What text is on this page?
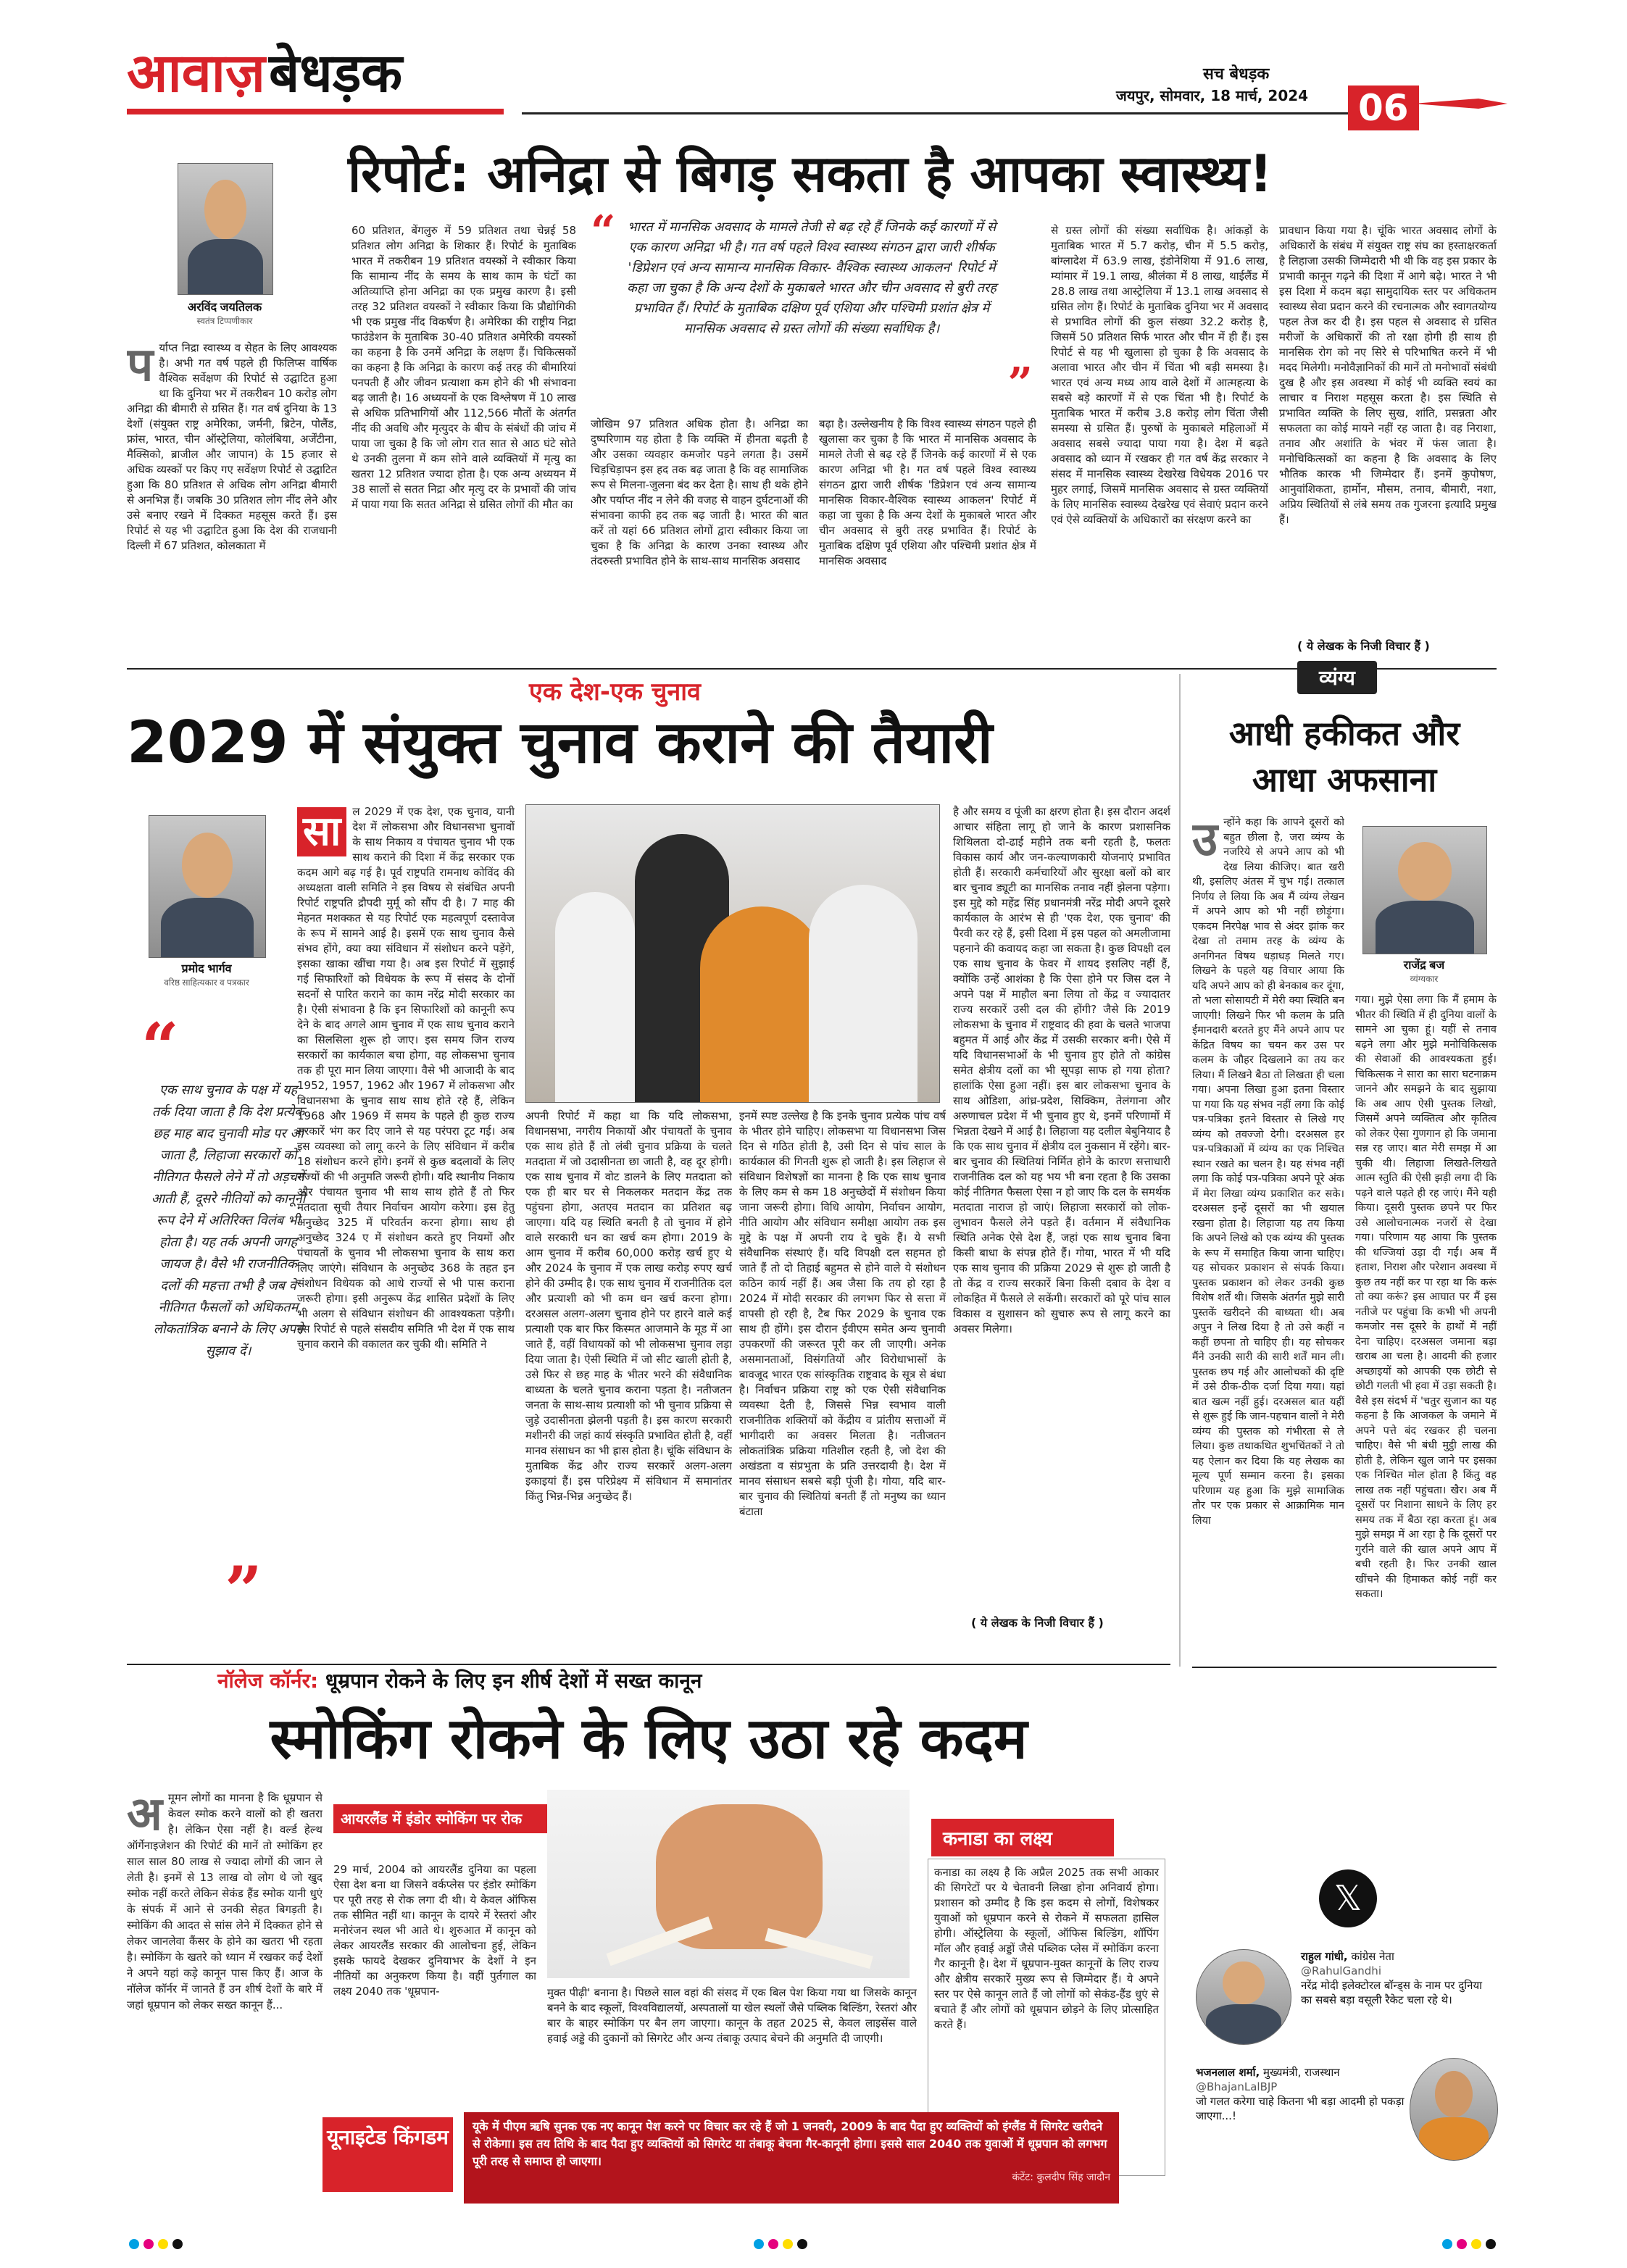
आवाज़ बेधड़क	सच बेधड़क
जयपुर, सोमवार, 18 मार्च, 2024 06
अरविंद जयतिलक
स्वतंत्र टिप्पणीकार
रिपोर्ट: अनिद्रा से बिगड़ सकता है आपका स्वास्थ्य!
प र्याप्त निद्रा स्वास्थ्य व सेहत के लिए आवश्यक है। अभी गत वर्ष पहले ही फिलिप्स वार्षिक वैश्विक सर्वेक्षण की रिपोर्ट से उद्घाटित हुआ था कि दुनिया भर में तकरीबन 10 करोड़ लोग अनिद्रा की बीमारी से ग्रसित हैं। गत वर्ष दुनिया के 13 देशों (संयुक्त राष्ट्र अमेरिका, जर्मनी, ब्रिटेन, पोलैंड, फ्रांस, भारत, चीन ऑस्ट्रेलिया, कोलंबिया, अर्जेंटीना, मैक्सिको, ब्राजील और जापान) के 15 हजार से अधिक व्यस्कों पर किए गए सर्वेक्षण रिपोर्ट से उद्घाटित हुआ कि 80 प्रतिशत से अधिक लोग अनिद्रा बीमारी से अनभिज्ञ हैं। जबकि 30 प्रतिशत लोग नींद लेने और उसे बनाए रखने में दिक्कत महसूस करते हैं। इस रिपोर्ट से यह भी उद्घाटित हुआ कि देश की राजधानी दिल्ली में 67 प्रतिशत, कोलकाता में
60 प्रतिशत, बेंगलुरु में 59 प्रतिशत तथा चेन्नई 58 प्रतिशत लोग अनिद्रा के शिकार हैं। रिपोर्ट के मुताबिक भारत में तकरीबन 19 प्रतिशत वयस्कों ने स्वीकार किया कि सामान्य नींद के समय के साथ काम के घंटों का अतिव्याप्ति होना अनिद्रा का एक प्रमुख कारण है। इसी तरह 32 प्रतिशत वयस्कों ने स्वीकार किया कि प्रौद्योगिकी भी एक प्रमुख नींद विकर्षण है। अमेरिका की राष्ट्रीय निद्रा फाउंडेशन के मुताबिक 30-40 प्रतिशत अमेरिकी वयस्कों का कहना है कि उनमें अनिद्रा के लक्षण हैं। चिकित्सकों का कहना है कि अनिद्रा के कारण कई तरह की बीमारियां पनपती हैं और जीवन प्रत्याशा कम होने की भी संभावना बढ़ जाती है। 16 अध्ययनों के एक विश्लेषण में 10 लाख से अधिक प्रतिभागियों और 112,566 मौतों के अंतर्गत नींद की अवधि और मृत्युदर के बीच के संबंधों की जांच में पाया जा चुका है कि जो लोग रात सात से आठ घंटे सोते थे उनकी तुलना में कम सोने वाले व्यक्तियों में मृत्यु का खतरा 12 प्रतिशत ज्यादा होता है। एक अन्य अध्ययन में 38 सालों से सतत निद्रा और मृत्यु दर के प्रभावों की जांच में पाया गया कि सतत अनिद्रा से ग्रसित लोगों की मौत का
“ भारत में मानसिक अवसाद के मामले तेजी से बढ़ रहे हैं जिनके कई कारणों में से एक कारण अनिद्रा भी है। गत वर्ष पहले विश्व स्वास्थ्य संगठन द्वारा जारी शीर्षक 'डिप्रेशन एवं अन्य सामान्य मानसिक विकार- वैश्विक स्वास्थ्य आकलन' रिपोर्ट में कहा जा चुका है कि अन्य देशों के मुकाबले भारत और चीन अवसाद से बुरी तरह प्रभावित हैं। रिपोर्ट के मुताबिक दक्षिण पूर्व एशिया और पश्चिमी प्रशांत क्षेत्र में मानसिक अवसाद से ग्रस्त लोगों की संख्या सर्वाधिक है।
”
जोखिम 97 प्रतिशत अधिक होता है। अनिद्रा का दुष्परिणाम यह होता है कि व्यक्ति में हीनता बढ़ती है और उसका व्यवहार कमजोर पड़ने लगता है। उसमें चिड़चिड़ापन इस हद तक बढ़ जाता है कि वह सामाजिक रूप से मिलना-जुलना बंद कर देता है। साथ ही थके होने और पर्याप्त नींद न लेने की वजह से वाहन दुर्घटनाओं की संभावना काफी हद तक बढ़ जाती है। भारत की बात करें तो यहां 66 प्रतिशत लोगों द्वारा स्वीकार किया जा चुका है कि अनिद्रा के कारण उनका स्वास्थ्य और तंदरुस्ती प्रभावित होने के साथ-साथ मानसिक अवसाद
बढ़ा है। उल्लेखनीय है कि विश्व स्वास्थ्य संगठन पहले ही खुलासा कर चुका है कि भारत में मानसिक अवसाद के मामले तेजी से बढ़ रहे हैं जिनके कई कारणों में से एक कारण अनिद्रा भी है। गत वर्ष पहले विश्व स्वास्थ्य संगठन द्वारा जारी शीर्षक 'डिप्रेशन एवं अन्य सामान्य मानसिक विकार-वैश्विक स्वास्थ्य आकलन' रिपोर्ट में कहा जा चुका है कि अन्य देशों के मुकाबले भारत और चीन अवसाद से बुरी तरह प्रभावित हैं। रिपोर्ट के मुताबिक दक्षिण पूर्व एशिया और पश्चिमी प्रशांत क्षेत्र में मानसिक अवसाद
से ग्रस्त लोगों की संख्या सर्वाधिक है। आंकड़ों के मुताबिक भारत में 5.7 करोड़, चीन में 5.5 करोड़, बांग्लादेश में 63.9 लाख, इंडोनेशिया में 91.6 लाख, म्यांमार में 19.1 लाख, श्रीलंका में 8 लाख, थाईलैंड में 28.8 लाख तथा आस्ट्रेलिया में 13.1 लाख अवसाद से ग्रसित लोग हैं। रिपोर्ट के मुताबिक दुनिया भर में अवसाद से प्रभावित लोगों की कुल संख्या 32.2 करोड़ है, जिसमें 50 प्रतिशत सिर्फ भारत और चीन में ही हैं। इस रिपोर्ट से यह भी खुलासा हो चुका है कि अवसाद के अलावा भारत और चीन में चिंता भी बड़ी समस्या है। भारत एवं अन्य मध्य आय वाले देशों में आत्महत्या के सबसे बड़े कारणों में से एक चिंता भी है। रिपोर्ट के मुताबिक भारत में करीब 3.8 करोड़ लोग चिंता जैसी समस्या से ग्रसित हैं। पुरुषों के मुकाबले महिलाओं में अवसाद सबसे ज्यादा पाया गया है। देश में बढ़ते अवसाद को ध्यान में रखकर ही गत वर्ष केंद्र सरकार ने संसद में मानसिक स्वास्थ्य देखरेख विधेयक 2016 पर मुहर लगाई, जिसमें मानसिक अवसाद से ग्रस्त व्यक्तियों के लिए मानसिक स्वास्थ्य देखरेख एवं सेवाएं प्रदान करने एवं ऐसे व्यक्तियों के अधिकारों का संरक्षण करने का
प्रावधान किया गया है। चूंकि भारत अवसाद लोगों के अधिकारों के संबंध में संयुक्त राष्ट्र संघ का हस्ताक्षरकर्ता है लिहाजा उसकी जिम्मेदारी भी थी कि वह इस प्रकार के प्रभावी कानून गढ़ने की दिशा में आगे बढ़े। भारत ने भी इस दिशा में कदम बढ़ा सामुदायिक स्तर पर अधिकतम स्वास्थ्य सेवा प्रदान करने की रचनात्मक और स्वागतयोग्य पहल तेज कर दी है। इस पहल से अवसाद से ग्रसित मरीजों के अधिकारों की तो रक्षा होगी ही साथ ही मानसिक रोग को नए सिरे से परिभाषित करने में भी मदद मिलेगी। मनोवैज्ञानिकों की मानें तो मनोभावों संबंधी दुख है और इस अवस्था में कोई भी व्यक्ति स्वयं का लाचार व निराश महसूस करता है। इस स्थिति से प्रभावित व्यक्ति के लिए सुख, शांति, प्रसन्नता और सफलता का कोई मायने नहीं रह जाता है। वह निराशा, तनाव और अशांति के भंवर में फंस जाता है। मनोचिकित्सकों का कहना है कि अवसाद के लिए भौतिक कारक भी जिम्मेदार हैं। इनमें कुपोषण, आनुवांशिकता, हार्मोन, मौसम, तनाव, बीमारी, नशा, अप्रिय स्थितियों से लंबे समय तक गुजरना इत्यादि प्रमुख हैं।
( ये लेखक के निजी विचार हैं )
एक देश-एक चुनाव
2029 में संयुक्त चुनाव कराने की तैयारी
प्रमोद भार्गव
वरिष्ठ साहित्यकार व पत्रकार
“
एक साथ चुनाव के पक्ष में यह तर्क दिया जाता है कि देश प्रत्येक छह माह बाद चुनावी मोड पर आ जाता है, लिहाजा सरकारों को नीतिगत फैसले लेने में तो अड़चनें आती हैं, दूसरे नीतियों को कानूनी रूप देने में अतिरिक्त विलंब भी होता है। यह तर्क अपनी जगह जायज है। वैसे भी राजनीतिक दलों की महत्ता तभी है जब वे नीतिगत फैसलों को अधिकतम लोकतांत्रिक बनाने के लिए अपने सुझाव दें।
”
सा	ल 2029 में एक देश, एक चुनाव, यानी देश में लोकसभा और विधानसभा चुनावों के साथ निकाय व पंचायत चुनाव भी एक साथ कराने की दिशा में केंद्र सरकार एक कदम आगे बढ़ गई है। पूर्व राष्ट्रपति रामनाथ कोविंद की अध्यक्षता वाली समिति ने इस विषय से संबंधित अपनी रिपोर्ट राष्ट्रपति द्रौपदी मुर्मू को सौंप दी है। 7 माह की मेहनत मशक्कत से यह रिपोर्ट एक महत्वपूर्ण दस्तावेज के रूप में सामने आई है। इसमें एक साथ चुनाव कैसे संभव होंगे, क्या क्या संविधान में संशोधन करने पड़ेंगे, इसका खाका खींचा गया है। अब इस रिपोर्ट में सुझाई गई सिफारिशों को विधेयक के रूप में संसद के दोनों सदनों से पारित कराने का काम नरेंद्र मोदी सरकार का है। ऐसी संभावना है कि इन सिफारिशों को कानूनी रूप देने के बाद अगले आम चुनाव में एक साथ चुनाव कराने का सिलसिला शुरू हो जाए। इस समय जिन राज्य सरकारों का कार्यकाल बचा होगा, वह लोकसभा चुनाव तक ही पूरा मान लिया जाएगा। वैसे भी आजादी के बाद 1952, 1957, 1962 और 1967 में लोकसभा और विधानसभा के चुनाव साथ साथ होते रहे हैं, लेकिन 1968 और 1969 में समय के पहले ही कुछ राज्य सरकारें भंग कर दिए जाने से यह परंपरा टूट गई। अब इस व्यवस्था को लागू करने के लिए संविधान में करीब 18 संशोधन करने होंगे। इनमें से कुछ बदलावों के लिए राज्यों की भी अनुमति जरूरी होगी। यदि स्थानीय निकाय और पंचायत चुनाव भी साथ साथ होते हैं तो फिर मतदाता सूची तैयार निर्वाचन आयोग करेगा। इस हेतु अनुच्छेद 325 में परिवर्तन करना होगा। साथ ही अनुच्छेद 324 ए में संशोधन करते हुए नियमों और पंचायतों के चुनाव भी लोकसभा चुनाव के साथ करा लिए जाएंगे। संविधान के अनुच्छेद 368 के तहत इन संशोधन विधेयक को आधे राज्यों से भी पास कराना जरूरी होगा। इसी अनुरूप केंद्र शासित प्रदेशों के लिए भी अलग से संविधान संशोधन की आवश्यकता पड़ेगी। इस रिपोर्ट से पहले संसदीय समिति भी देश में एक साथ चुनाव कराने की वकालत कर चुकी थी। समिति ने
अपनी रिपोर्ट में कहा था कि यदि लोकसभा, विधानसभा, नगरीय निकायों और पंचायतों के चुनाव एक साथ होते हैं तो लंबी चुनाव प्रक्रिया के चलते मतदाता में जो उदासीनता छा जाती है, वह दूर होगी। एक साथ चुनाव में वोट डालने के लिए मतदाता को एक ही बार घर से निकलकर मतदान केंद्र तक पहुंचना होगा, अतएव मतदान का प्रतिशत बढ़ जाएगा। यदि यह स्थिति बनती है तो चुनाव में होने वाले सरकारी धन का खर्च कम होगा। 2019 के आम चुनाव में करीब 60,000 करोड़ खर्च हुए थे और 2024 के चुनाव में एक लाख करोड़ रुपए खर्च होने की उम्मीद है। एक साथ चुनाव में राजनीतिक दल और प्रत्याशी को भी कम धन खर्च करना होगा। दरअसल अलग-अलग चुनाव होने पर हारने वाले कई प्रत्याशी एक बार फिर किस्मत आजमाने के मूड में आ जाते हैं, वहीं विधायकों को भी लोकसभा चुनाव लड़ा दिया जाता है। ऐसी स्थिति में जो सीट खाली होती है, उसे फिर से छह माह के भीतर भरने की संवैधानिक बाध्यता के चलते चुनाव कराना पड़ता है। नतीजतन जनता के साथ-साथ प्रत्याशी को भी चुनाव प्रक्रिया से जुड़े उदासीनता झेलनी पड़ती है। इस कारण सरकारी मशीनरी की जहां कार्य संस्कृति प्रभावित होती है, वहीं मानव संसाधन का भी ह्रास होता है। चूंकि संविधान के मुताबिक केंद्र और राज्य सरकारें अलग-अलग इकाइयां हैं। इस परिप्रेक्ष्य में संविधान में समानांतर किंतु भिन्न-भिन्न अनुच्छेद हैं।
इनमें स्पष्ट उल्लेख है कि इनके चुनाव प्रत्येक पांच वर्ष के भीतर होने चाहिए। लोकसभा या विधानसभा जिस दिन से गठित होती है, उसी दिन से पांच साल के कार्यकाल की गिनती शुरू हो जाती है। इस लिहाज से संविधान विशेषज्ञों का मानना है कि एक साथ चुनाव के लिए कम से कम 18 अनुच्छेदों में संशोधन किया जाना जरूरी होगा। विधि आयोग, निर्वाचन आयोग, नीति आयोग और संविधान समीक्षा आयोग तक इस मुद्दे के पक्ष में अपनी राय दे चुके हैं। ये सभी संवैधानिक संस्थाएं हैं। यदि विपक्षी दल सहमत हो जाते हैं तो दो तिहाई बहुमत से होने वाले ये संशोधन कठिन कार्य नहीं हैं। अब जैसा कि तय हो रहा है 2024 में मोदी सरकार की लगभग फिर से सत्ता में वापसी हो रही है, टैब फिर 2029 के चुनाव एक साथ ही होंगे। इस दौरान ईवीएम समेत अन्य चुनावी उपकरणों की जरूरत पूरी कर ली जाएगी। अनेक असमानताओं, विसंगतियों और विरोधाभासों के बावजूद भारत एक सांस्कृतिक राष्ट्रवाद के सूत्र से बंधा है। निर्वाचन प्रक्रिया राष्ट्र को एक ऐसी संवैधानिक व्यवस्था देती है, जिससे भिन्न स्वभाव वाली राजनीतिक शक्तियों को केंद्रीय व प्रांतीय सत्ताओं में भागीदारी का अवसर मिलता है। नतीजतन लोकतांत्रिक प्रक्रिया गतिशील रहती है, जो देश की अखंडता व संप्रभुता के प्रति उत्तरदायी है। देश में मानव संसाधन सबसे बड़ी पूंजी है। गोया, यदि बार-बार चुनाव की स्थितियां बनती हैं तो मनुष्य का ध्यान बंटाता
है और समय व पूंजी का क्षरण होता है। इस दौरान अदर्श आचार संहिता लागू हो जाने के कारण प्रशासनिक शिथिलता दो-ढाई महीने तक बनी रहती है, फलतः विकास कार्य और जन-कल्याणकारी योजनाएं प्रभावित होती हैं। सरकारी कर्मचारियों और सुरक्षा बलों को बार बार चुनाव ड्यूटी का मानसिक तनाव नहीं झेलना पड़ेगा। इस मुद्दे को महेंद्र सिंह प्रधानमंत्री नरेंद्र मोदी अपने दूसरे कार्यकाल के आरंभ से ही 'एक देश, एक चुनाव' की पैरवी कर रहे हैं, इसी दिशा में इस पहल को अमलीजामा पहनाने की कवायद कहा जा सकता है। कुछ विपक्षी दल एक साथ चुनाव के फेवर में शायद इसलिए नहीं हैं, क्योंकि उन्हें आशंका है कि ऐसा होने पर जिस दल ने अपने पक्ष में माहौल बना लिया तो केंद्र व ज्यादातर राज्य सरकारें उसी दल की होंगी? जैसे कि 2019 लोकसभा के चुनाव में राष्ट्रवाद की हवा के चलते भाजपा बहुमत में आई और केंद्र में उसकी सरकार बनी। ऐसे में यदि विधानसभाओं के भी चुनाव हुए होते तो कांग्रेस समेत क्षेत्रीय दलों का भी सूपड़ा साफ हो गया होता? हालांकि ऐसा हुआ नहीं। इस बार लोकसभा चुनाव के साथ ओडिशा, आंध्र-प्रदेश, सिक्किम, तेलंगाना और अरुणाचल प्रदेश में भी चुनाव हुए थे, इनमें परिणामों में भिन्नता देखने में आई है। लिहाजा यह दलील बेबुनियाद है कि एक साथ चुनाव में क्षेत्रीय दल नुकसान में रहेंगे। बार-बार चुनाव की स्थितियां निर्मित होने के कारण सत्ताधारी राजनीतिक दल को यह भय भी बना रहता है कि उसका कोई नीतिगत फैसला ऐसा न हो जाए कि दल के समर्थक मतदाता नाराज हो जाएं। लिहाजा सरकारों को लोक-लुभावन फैसले लेने पड़ते हैं। वर्तमान में संवैधानिक स्थिति अनेक ऐसे देश हैं, जहां एक साथ चुनाव बिना किसी बाधा के संपन्न होते हैं। गोया, भारत में भी यदि एक साथ चुनाव की प्रक्रिया 2029 से शुरू हो जाती है तो केंद्र व राज्य सरकारें बिना किसी दबाव के देश व लोकहित में फैसले ले सकेंगी। सरकारों को पूरे पांच साल विकास व सुशासन को सुचारु रूप से लागू करने का अवसर मिलेगा।
( ये लेखक के निजी विचार हैं )
व्यंग्य
आधी हकीकत और आधा अफसाना
उ न्होंने कहा कि आपने दूसरों को बहुत छीला है, जरा व्यंग्य के नजरिये से अपने आप को भी देख लिया कीजिए। बात खरी थी, इसलिए अंतस में चुभ गई। तत्काल निर्णय ले लिया कि अब मैं व्यंग्य लेखन में अपने आप को भी नहीं छोड़ूंगा। एकदम निरपेक्ष भाव से अंदर झांक कर देखा तो तमाम तरह के व्यंग्य के अनगिनत विषय धड़ाधड़ मिलते गए। लिखने के पहले यह विचार आया कि यदि अपने आप को ही बेनकाब कर दूंगा, तो भला सोसायटी में मेरी क्या स्थिति बन जाएगी! लिखने फिर भी कलम के प्रति ईमानदारी बरतते हुए मैंने अपने आप पर केंद्रित विषय का चयन कर उस पर कलम के जौहर दिखलाने का तय कर लिया। मैं लिखने बैठा तो लिखता ही चला गया। अपना लिखा हुआ इतना विस्तार पा गया कि यह संभव नहीं लगा कि कोई पत्र-पत्रिका इतने विस्तार से लिखे गए व्यंग्य को तवज्जो देगी। दरअसल हर पत्र-पत्रिकाओं में व्यंग्य का एक निश्चित स्थान रखते का चलन है। यह संभव नहीं लगा कि कोई पत्र-पत्रिका अपने पूरे अंक में मेरा लिखा व्यंग्य प्रकाशित कर सके। दरअसल इन्हें दूसरों का भी खयाल रखना होता है। लिहाजा यह तय किया कि अपने लिखे को एक व्यंग्य की पुस्तक के रूप में समाहित किया जाना चाहिए। यह सोचकर प्रकाशन से संपर्क किया। पुस्तक प्रकाशन को लेकर उनकी कुछ विशेष शर्तें थी। जिसके अंतर्गत मुझे सारी पुस्तकें खरीदने की बाध्यता थी। अब अपुन ने लिख दिया है तो उसे कहीं न कहीं छपना तो चाहिए ही। यह सोचकर मैंने उनकी सारी की सारी शर्तें मान ली। पुस्तक छप गई और आलोचकों की दृष्टि में उसे ठीक-ठीक दर्जा दिया गया। यहां बात खत्म नहीं हुई। दरअसल बात यहीं से शुरू हुई कि जान-पहचान वालों ने मेरी व्यंग्य की पुस्तक को गंभीरता से ले लिया। कुछ तथाकथित शुभचिंतकों ने तो यह ऐलान कर दिया कि यह लेखक का मूल्य पूर्ण सम्मान करना है। इसका परिणाम यह हुआ कि मुझे सामाजिक तौर पर एक प्रकार से आक्रामिक मान लिया
राजेंद्र बज
व्यंग्यकार
गया। मुझे ऐसा लगा कि मैं हमाम के भीतर की स्थिति में ही दुनिया वालों के सामने आ चुका हूं। यहीं से तनाव बढ़ने लगा और मुझे मनोचिकित्सक की सेवाओं की आवश्यकता हुई। चिकित्सक ने सारा का सारा घटनाक्रम जानने और समझने के बाद सुझाया कि अब आप ऐसी पुस्तक लिखो, जिसमें अपने व्यक्तित्व और कृतित्व को लेकर ऐसा गुणगान हो कि जमाना सन्न रह जाए। बात मेरी समझ में आ चुकी थी। लिहाजा लिखते-लिखते आत्म स्तुति की ऐसी झड़ी लगा दी कि पढ़ने वाले पढ़ते ही रह जाएं। मैंने यही किया। दूसरी पुस्तक छपने पर फिर उसे आलोचनात्मक नजरों से देखा गया। परिणाम यह आया कि पुस्तक की धज्जियां उड़ा दी गईं। अब मैं हताश, निराश और परेशान अवस्था में कुछ तय नहीं कर पा रहा था कि करूं तो क्या करूं? इस आघात पर मैं इस नतीजे पर पहुंचा कि कभी भी अपनी कमजोर नस दूसरे के हाथों में नहीं देना चाहिए। दरअसल जमाना बड़ा खराब आ चला है। आदमी की हजार अच्छाइयों को आपकी एक छोटी से छोटी गलती भी हवा में उड़ा सकती है। वैसे इस संदर्भ में 'चतुर सुजान का यह कहना है कि आजकल के जमाने में अपने पत्ते बंद रखकर ही चलना चाहिए। वैसे भी बंधी मुट्ठी लाख की होती है, लेकिन खुल जाने पर इसका एक निश्चित मोल होता है किंतु वह लाख तक नहीं पहुंचता। खैर। अब मैं दूसरों पर निशाना साधने के लिए हर समय तक में बैठा रहा करता हूं। अब मुझे समझ में आ रहा है कि दूसरों पर गुर्राने वाले की खाल अपने आप में बची रहती है। फिर उनकी खाल खींचने की हिमाकत कोई नहीं कर सकता।
नॉलेज कॉर्नर: धूम्रपान रोकने के लिए इन शीर्ष देशों में सख्त कानून
स्मोकिंग रोकने के लिए उठा रहे कदम
अ मूमन लोगों का मानना है कि धूम्रपान से केवल स्मोक करने वालों को ही खतरा है। लेकिन ऐसा नहीं है। वर्ल्ड हेल्थ ऑर्गेनाइजेशन की रिपोर्ट की मानें तो स्मोकिंग हर साल साल 80 लाख से ज्यादा लोगों की जान ले लेती है। इनमें से 13 लाख वो लोग थे जो खुद स्मोक नहीं करते लेकिन सेकंड हैंड स्मोक यानी धुएं के संपर्क में आने से उनकी सेहत बिगड़ती है। स्मोकिंग की आदत से सांस लेने में दिक्कत होने से लेकर जानलेवा कैंसर के होने का खतरा भी रहता है। स्मोकिंग के खतरे को ध्यान में रखकर कई देशों ने अपने यहां कड़े कानून पास किए हैं। आज के नॉलेज कॉर्नर में जानते हैं उन शीर्ष देशों के बारे में जहां धूम्रपान को लेकर सख्त कानून हैं...
आयरलैंड में इंडोर स्मोकिंग पर रोक
29 मार्च, 2004 को आयरलैंड दुनिया का पहला ऐसा देश बना था जिसने वर्कप्लेस पर इंडोर स्मोकिंग पर पूरी तरह से रोक लगा दी थी। ये केवल ऑफिस तक सीमित नहीं था। कानून के दायरे में रेस्तरां और मनोरंजन स्थल भी आते थे। शुरुआत में कानून को लेकर आयरलैंड सरकार की आलोचना हुई, लेकिन इसके फायदे देखकर दुनियाभर के देशों ने इन नीतियों का अनुकरण किया है। वहीं पुर्तगाल का लक्ष्य 2040 तक 'धूम्रपान-	मुक्त पीढ़ी' बनाना है। पिछले साल वहां की संसद में एक बिल पेश किया गया था जिसके कानून बनने के बाद स्कूलों, विश्वविद्यालयों, अस्पतालों या खेल स्थलों जैसे पब्लिक बिल्डिंग, रेस्तरां और बार के बाहर स्मोकिंग पर बैन लग जाएगा। कानून के तहत 2025 से, केवल लाइसेंस वाले हवाई अड्डे की दुकानों को सिगरेट और अन्य तंबाकू उत्पाद बेचने की अनुमति दी जाएगी।
कनाडा का लक्ष्य
कनाडा का लक्ष्य है कि अप्रैल 2025 तक सभी आकार की सिगरेटों पर ये चेतावनी लिखा होना अनिवार्य होगा। प्रशासन को उम्मीद है कि इस कदम से लोगों, विशेषकर युवाओं को धूम्रपान करने से रोकने में सफलता हासिल होगी। ऑस्ट्रेलिया के स्कूलों, ऑफिस बिल्डिंग, शॉपिंग मॉल और हवाई अड्डों जैसे पब्लिक प्लेस में स्मोकिंग करना गैर कानूनी है। देश में धूम्रपान-मुक्त कानूनों के लिए राज्य और क्षेत्रीय सरकारें मुख्य रूप से जिम्मेदार हैं। ये अपने स्तर पर ऐसे कानून लाते हैं जो लोगों को सेकंड-हैंड धुएं से बचाते हैं और लोगों को धूम्रपान छोड़ने के लिए प्रोत्साहित करते हैं।
यूनाइटेड किंगडम	यूके में पीएम ऋषि सुनक एक नए कानून पेश करने पर विचार कर रहे हैं जो 1 जनवरी, 2009 के बाद पैदा हुए व्यक्तियों को इंग्लैंड में सिगरेट खरीदने से रोकेगा। इस तय तिथि के बाद पैदा हुए व्यक्तियों को सिगरेट या तंबाकू बेचना गैर-कानूनी होगा। इससे साल 2040 तक युवाओं में धूम्रपान को लगभग पूरी तरह से समाप्त हो जाएगा।
कंटेंट: कुलदीप सिंह जादौन
𝕏
राहुल गांधी, कांग्रेस नेता
@RahulGandhi
नरेंद्र मोदी इलेक्टोरल बॉन्ड्स के नाम पर दुनिया का सबसे बड़ा वसूली रैकेट चला रहे थे।
भजनलाल शर्मा, मुख्यमंत्री, राजस्थान
@BhajanLalBJP
जो गलत करेगा चाहे कितना भी बड़ा आदमी हो पकड़ा जाएगा...!
